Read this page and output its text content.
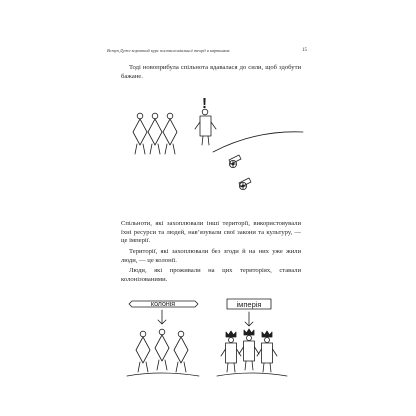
Вступ Дуже короткий курс постколоніальної теорії в картинках	15

Тоді новоприбула спільнота вдавалася до сили, щоб здобути бажане.

!

Спільноти, які захоплювали інші території, використовували їхні ресурси та людей, нав’язували свої закони та культуру, — це імперії.

Території, які захоплювали без згоди й на них уже жили люди, — це колонії.

Люди, які проживали на цих територіях, ставали колонізованими.

колонія	імперія
